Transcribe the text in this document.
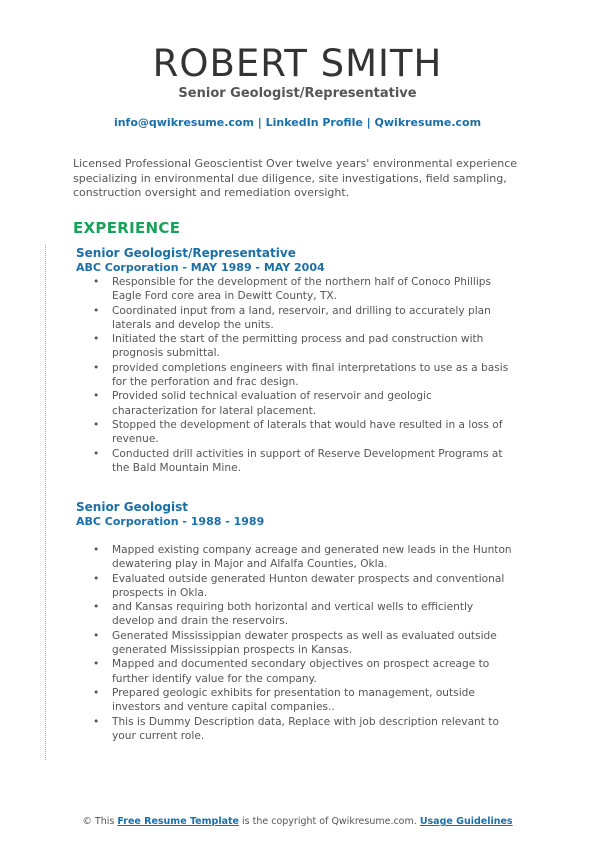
ROBERT SMITH
Senior Geologist/Representative
info@qwikresume.com | LinkedIn Profile | Qwikresume.com
Licensed Professional Geoscientist Over twelve years' environmental experience specializing in environmental due diligence, site investigations, field sampling, construction oversight and remediation oversight.
EXPERIENCE
Senior Geologist/Representative
ABC Corporation - MAY 1989 - MAY 2004
• Responsible for the development of the northern half of Conoco Phillips Eagle Ford core area in Dewitt County, TX.
• Coordinated input from a land, reservoir, and drilling to accurately plan laterals and develop the units.
• Initiated the start of the permitting process and pad construction with prognosis submittal.
• provided completions engineers with final interpretations to use as a basis for the perforation and frac design.
• Provided solid technical evaluation of reservoir and geologic characterization for lateral placement.
• Stopped the development of laterals that would have resulted in a loss of revenue.
• Conducted drill activities in support of Reserve Development Programs at the Bald Mountain Mine.
Senior Geologist
ABC Corporation - 1988 - 1989
• Mapped existing company acreage and generated new leads in the Hunton dewatering play in Major and Alfalfa Counties, Okla.
• Evaluated outside generated Hunton dewater prospects and conventional prospects in Okla.
• and Kansas requiring both horizontal and vertical wells to efficiently develop and drain the reservoirs.
• Generated Mississippian dewater prospects as well as evaluated outside generated Mississippian prospects in Kansas.
• Mapped and documented secondary objectives on prospect acreage to further identify value for the company.
• Prepared geologic exhibits for presentation to management, outside investors and venture capital companies..
• This is Dummy Description data, Replace with job description relevant to your current role.
© This Free Resume Template is the copyright of Qwikresume.com. Usage Guidelines
